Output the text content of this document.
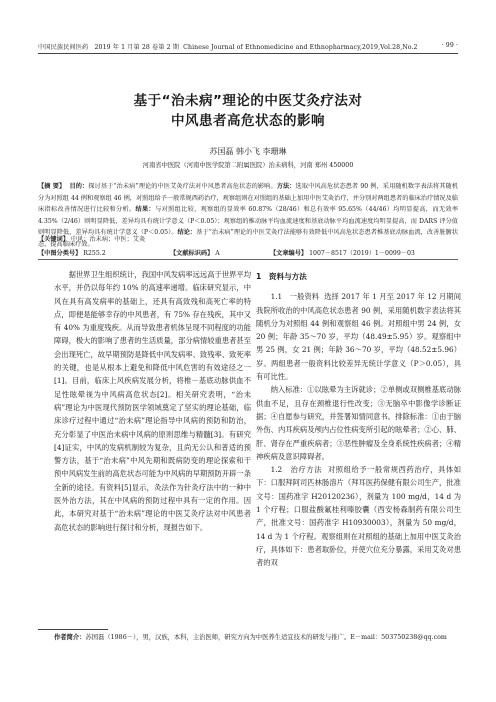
中国民族民间医药 2019 年 1 月第 28 卷第 2 期 Chinese Journal of Ethnomedicine and Ethnopharmacy,2019,Vol.28,No.2	· 99 ·
基于“治未病”理论的中医艾灸疗法对
中风患者高危状态的影响
苏国磊 韩小飞 李珊琳
河南省中医院（河南中医学院第二附属医院）治未病科，河南 郑州 450000
【摘 要】 目的：探讨基于“治未病”理论的中医艾灸疗法对中风患者高危状态的影响。方法：选取中风高危状态患者 90 例，采用随机数字表法将其随机分为对照组 44 例和观察组 46 例，对照组给予一般常规西药治疗，观察组则在对照组的基础上加用中医艾灸治疗，并分别对两组患者的临床治疗情况及临床指标改善情况进行比较和分析。结果：与对照组比较，观察组的显效率 60.87%（28/46）和总有效率 95.65%（44/46）均明显提高，而无效率 4.35%（2/46）则明显降低，差异均具有统计学意义（P＜0.05）；观察组的椎动脉平均血流速度和基底动脉平均血流速度均明显提高，而 DARS 评分值则明显降低，差异均具有统计学意义（P＜0.05）。结论：基于“治未病”理论的中医艾灸疗法能够有效降低中风高危状态患者椎基底动脉血流，改善脏腑状态，提高临床疗效。
【关键词】 中风；治未病；中医；艾灸
【中图分类号】 R255.2	【文献标识码】 A	【文章编号】 1007－8517（2019）1－0099－03

据世界卫生组织统计，我国中风发病率远远高于世界平均水平，并仍以每年约 10% 的高速率递增。临床研究显示，中风在具有高发病率的基础上，还具有高致残和高死亡率的特点，即便是能够幸存的中风患者，有 75% 存在残疾，其中又有 40% 为重度残疾。从而导致患者机体呈现不同程度的功能障碍，极大的影响了患者的生活质量，部分病情较重患者甚至会出现死亡，故早期预防是降低中风发病率、致残率、致死率的关键，也是从根本上避免和降低中风危害的有效途径之一[1]。目前，临床上风疾病发展分析，将椎－基底动脉供血不足性眩晕视为中风病高危状态[2]。相关研究表明，“治未病”理论为中医现代预防医学领域奠定了坚实的理论基础，临床诊疗过程中通过“治未病”理论指导中风病的预防和防治，充分彰显了中医治未病中风病的原则思维与精髓[3]。有研究[4]证实，中风的发病机制较为复杂，且尚无公认和普适的预警方法，基于“治未病”中风先期和既病防变的理论探索和干预中风病发生前的高危状态可能为中风病的早期预防开辟一条全新的途径。有资料[5]显示，灸法作为针灸疗法中的一种中医外治方法，其在中风病的预防过程中具有一定的作用。因此，本研究对基于“治未病”理论的中医艾灸疗法对中风患者高危状态的影响进行探讨和分析，现报告如下。

1　资料与方法

1.1　一般资料 选择 2017 年 1 月至 2017 年 12 月期间我院所收治的中风高危状态患者 90 例，采用随机数字表法将其随机分为对照组 44 例和观察组 46 例。对照组中男 24 例，女 20 例；年龄 35～70 岁，平均（48.49±5.95）岁。观察组中男 25 例，女 21 例；年龄 36～70 岁，平均（48.52±5.96）岁。两组患者一般资料比较差异无统计学意义（P＞0.05），具有可比性。

纳入标准：①以眩晕为主诉就诊；②单侧或双侧椎基底动脉供血不足，且存在颈椎退行性改变；③无脑卒中影像学诊断证据；④自愿参与研究，并签署知情同意书。排除标准：①由于脑外伤、内耳疾病及颅内占位性病变所引起的眩晕者；②心、肺、肝、肾存在严重疾病者；③恶性肿瘤及全身系统性疾病者；④精神疾病及意识障碍者。

1.2　治疗方法 对照组给予一般常规西药治疗，具体如下：口服拜阿司匹林肠溶片（拜耳医药保健有限公司生产，批准文号：国药准字 H20120236），剂量为 100 mg/d，14 d 为 1 个疗程；口服盐酸氟桂利嗪胶囊（西安杨森制药有限公司生产，批准文号：国药准字 H10930003），剂量为 50 mg/d，14 d 为 1 个疗程。观察组则在对照组的基础上加用中医艾灸治疗，具体如下：患者取卧位，并使穴位充分暴露，采用艾灸对患者的双

作者简介：苏国磊（1986－），男，汉族，本科，主治医师，研究方向为中医养生适宜技术的研发与推广。E－mail：503750238@qq.com
